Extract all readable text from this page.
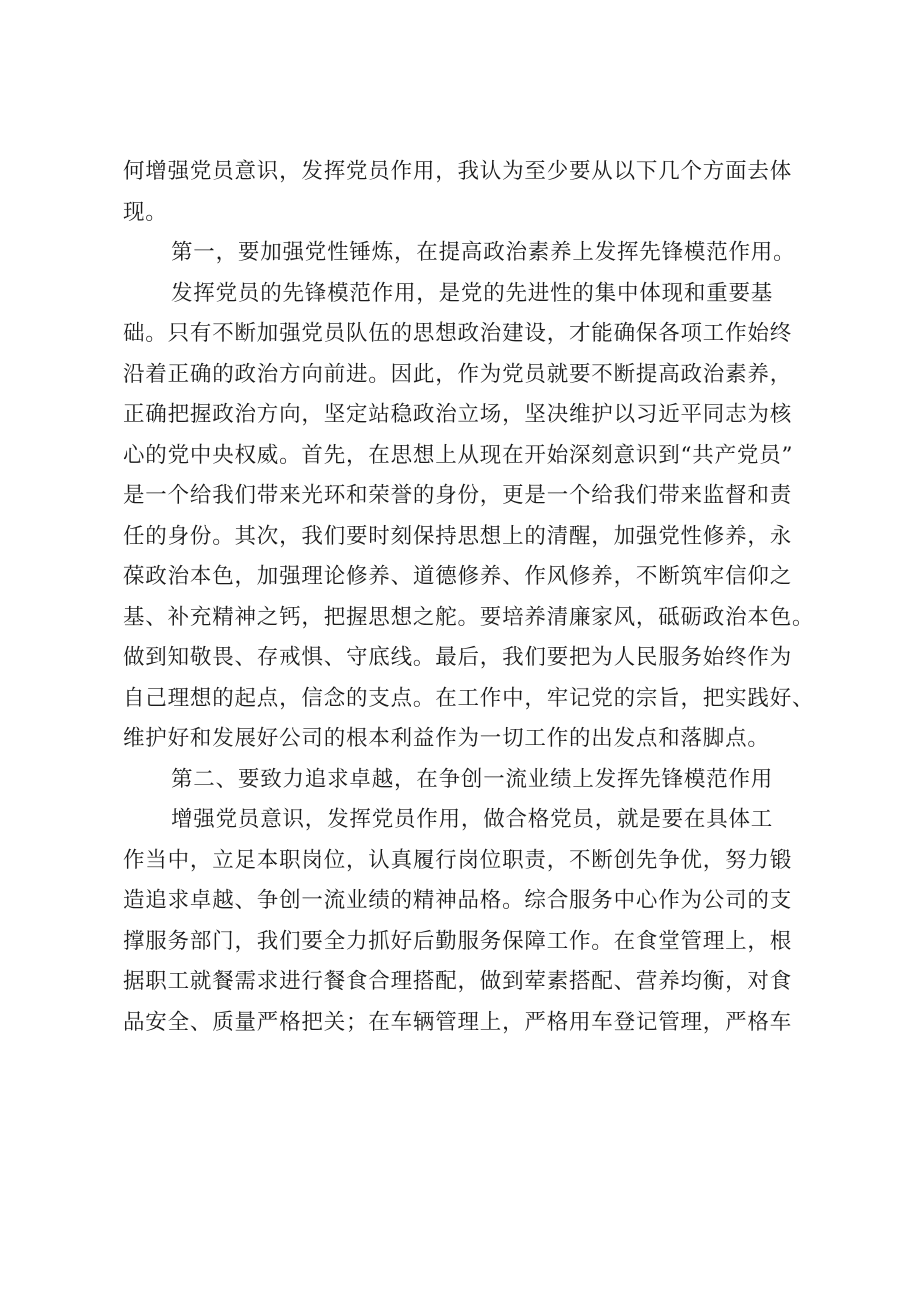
何增强党员意识，发挥党员作用，我认为至少要从以下几个方面去体
现。
第一，要加强党性锤炼，在提高政治素养上发挥先锋模范作用。
发挥党员的先锋模范作用，是党的先进性的集中体现和重要基
础。只有不断加强党员队伍的思想政治建设，才能确保各项工作始终
沿着正确的政治方向前进。因此，作为党员就要不断提高政治素养，
正确把握政治方向，坚定站稳政治立场，坚决维护以习近平同志为核
心的党中央权威。首先，在思想上从现在开始深刻意识到“共产党员”
是一个给我们带来光环和荣誉的身份，更是一个给我们带来监督和责
任的身份。其次，我们要时刻保持思想上的清醒，加强党性修养，永
葆政治本色，加强理论修养、道德修养、作风修养，不断筑牢信仰之
基、补充精神之钙，把握思想之舵。要培养清廉家风，砥砺政治本色。
做到知敬畏、存戒惧、守底线。最后，我们要把为人民服务始终作为
自己理想的起点，信念的支点。在工作中，牢记党的宗旨，把实践好、
维护好和发展好公司的根本利益作为一切工作的出发点和落脚点。
第二、要致力追求卓越，在争创一流业绩上发挥先锋模范作用
增强党员意识，发挥党员作用，做合格党员，就是要在具体工
作当中，立足本职岗位，认真履行岗位职责，不断创先争优，努力锻
造追求卓越、争创一流业绩的精神品格。综合服务中心作为公司的支
撑服务部门，我们要全力抓好后勤服务保障工作。在食堂管理上，根
据职工就餐需求进行餐食合理搭配，做到荤素搭配、营养均衡，对食
品安全、质量严格把关；在车辆管理上，严格用车登记管理，严格车
